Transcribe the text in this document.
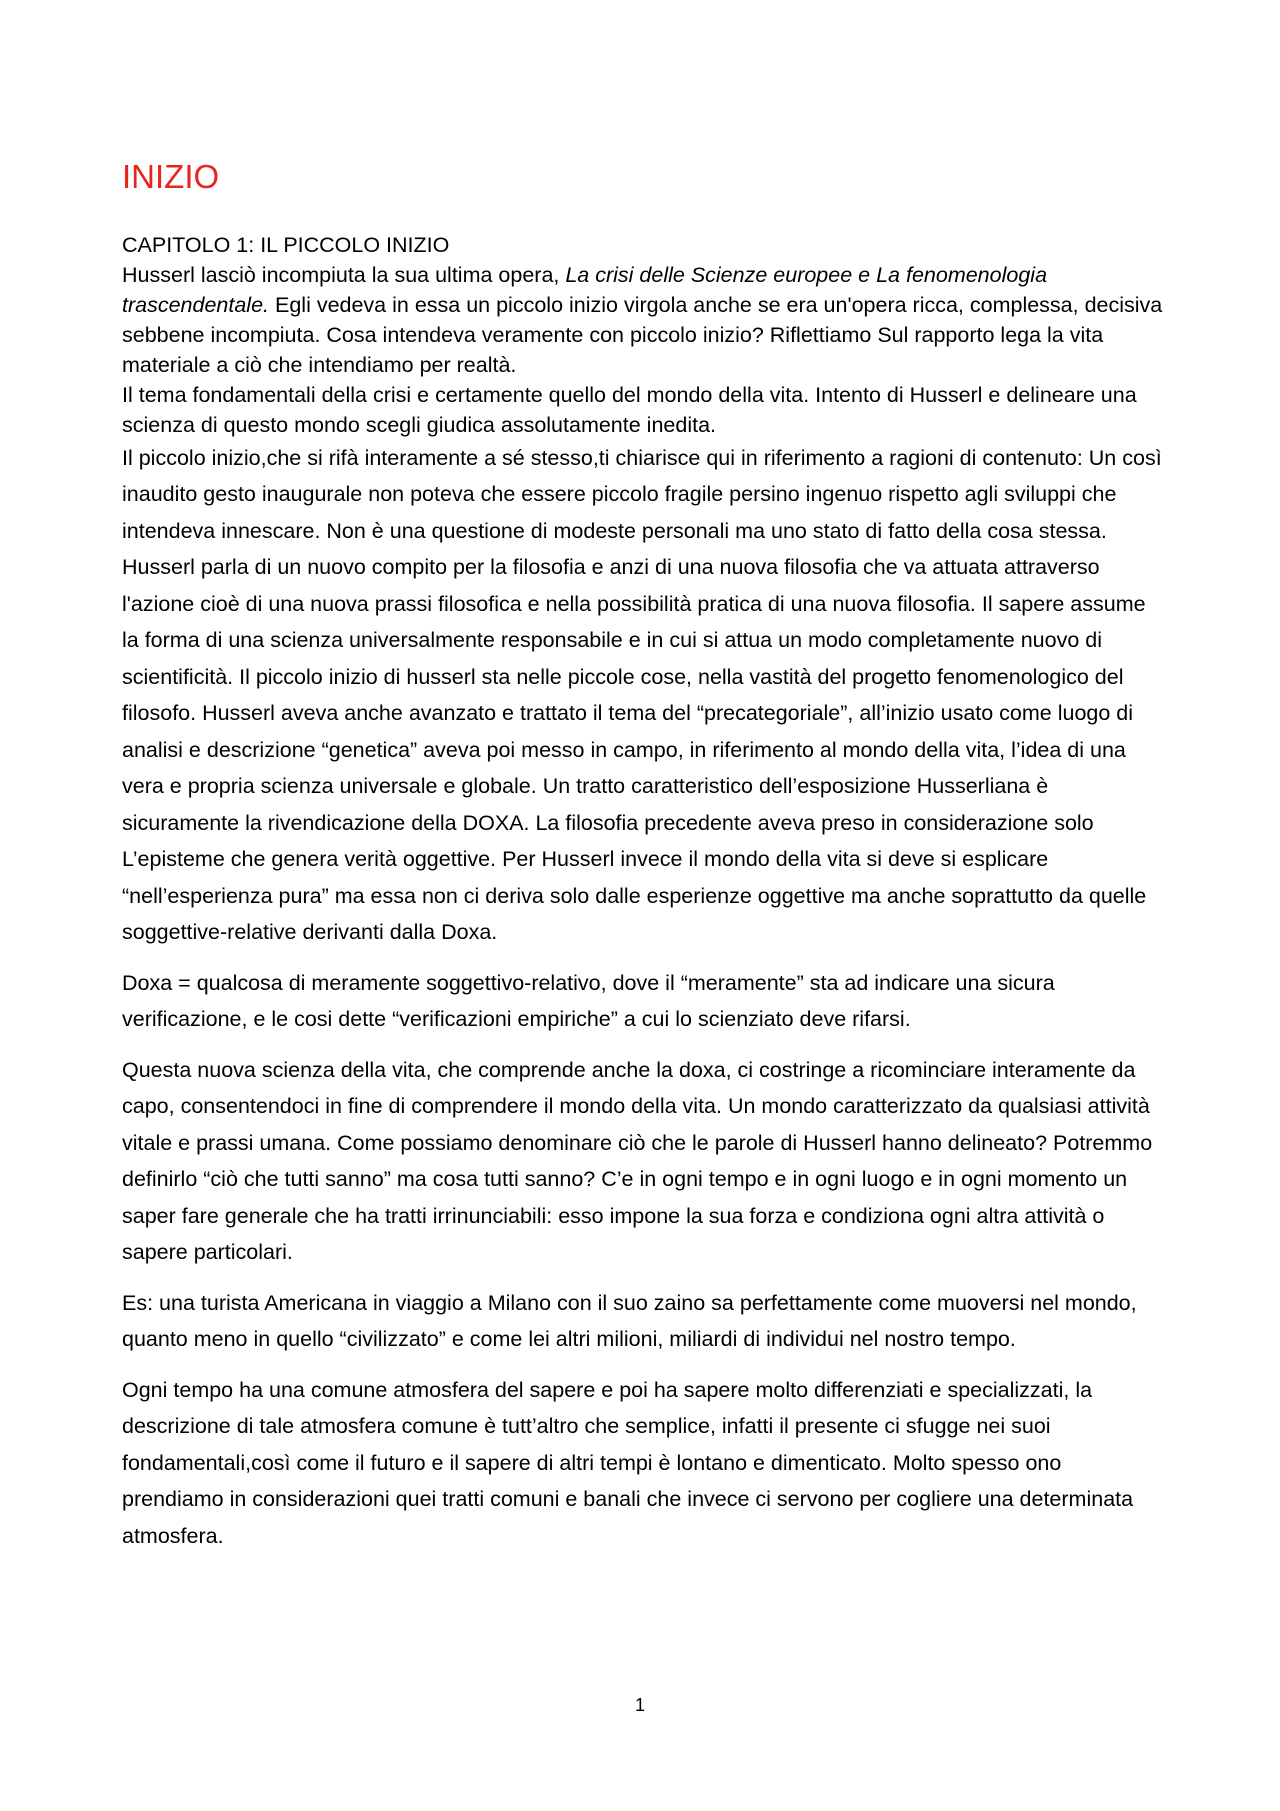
INIZIO

CAPITOLO 1: IL PICCOLO INIZIO

Husserl lasciò incompiuta la sua ultima opera, La crisi delle Scienze europee e La fenomenologia trascendentale. Egli vedeva in essa un piccolo inizio virgola anche se era un'opera ricca, complessa, decisiva sebbene incompiuta. Cosa intendeva veramente con piccolo inizio? Riflettiamo Sul rapporto lega la vita materiale a ciò che intendiamo per realtà.

Il tema fondamentali della crisi e certamente quello del mondo della vita. Intento di Husserl e delineare una scienza di questo mondo scegli giudica assolutamente inedita.

Il piccolo inizio,che si rifà interamente a sé stesso,ti chiarisce qui in riferimento a ragioni di contenuto: Un così inaudito gesto inaugurale non poteva che essere piccolo fragile persino ingenuo rispetto agli sviluppi che intendeva innescare. Non è una questione di modeste personali ma uno stato di fatto della cosa stessa. Husserl parla di un nuovo compito per la filosofia e anzi di una nuova filosofia che va attuata attraverso l'azione cioè di una nuova prassi filosofica e nella possibilità pratica di una nuova filosofia. Il sapere assume la forma di una scienza universalmente responsabile e in cui si attua un modo completamente nuovo di scientificità. Il piccolo inizio di husserl sta nelle piccole cose, nella vastità del progetto fenomenologico del filosofo. Husserl aveva anche avanzato e trattato il tema del “precategoriale”, all’inizio usato come luogo di analisi e descrizione “genetica” aveva poi messo in campo, in riferimento al mondo della vita, l’idea di una vera e propria scienza universale e globale. Un tratto caratteristico dell’esposizione Husserliana è sicuramente la rivendicazione della DOXA. La filosofia precedente aveva preso in considerazione solo L’episteme che genera verità oggettive. Per Husserl invece il mondo della vita si deve si esplicare “nell’esperienza pura” ma essa non ci deriva solo dalle esperienze oggettive ma anche soprattutto da quelle soggettive-relative derivanti dalla Doxa.

Doxa = qualcosa di meramente soggettivo-relativo, dove il “meramente” sta ad indicare una sicura verificazione, e le cosi dette “verificazioni empiriche” a cui lo scienziato deve rifarsi.

Questa nuova scienza della vita, che comprende anche la doxa, ci costringe a ricominciare interamente da capo, consentendoci in fine di comprendere il mondo della vita. Un mondo caratterizzato da qualsiasi attività vitale e prassi umana. Come possiamo denominare ciò che le parole di Husserl hanno delineato? Potremmo definirlo “ciò che tutti sanno” ma cosa tutti sanno? C’e in ogni tempo e in ogni luogo e in ogni momento un saper fare generale che ha tratti irrinunciabili: esso impone la sua forza e condiziona ogni altra attività o sapere particolari.

Es: una turista Americana in viaggio a Milano con il suo zaino sa perfettamente come muoversi nel mondo, quanto meno in quello “civilizzato” e come lei altri milioni, miliardi di individui nel nostro tempo.

Ogni tempo ha una comune atmosfera del sapere e poi ha sapere molto differenziati e specializzati, la descrizione di tale atmosfera comune è tutt’altro che semplice, infatti il presente ci sfugge nei suoi fondamentali,così come il futuro e il sapere di altri tempi è lontano e dimenticato. Molto spesso ono prendiamo in considerazioni quei tratti comuni e banali che invece ci servono per cogliere una determinata atmosfera.

1
